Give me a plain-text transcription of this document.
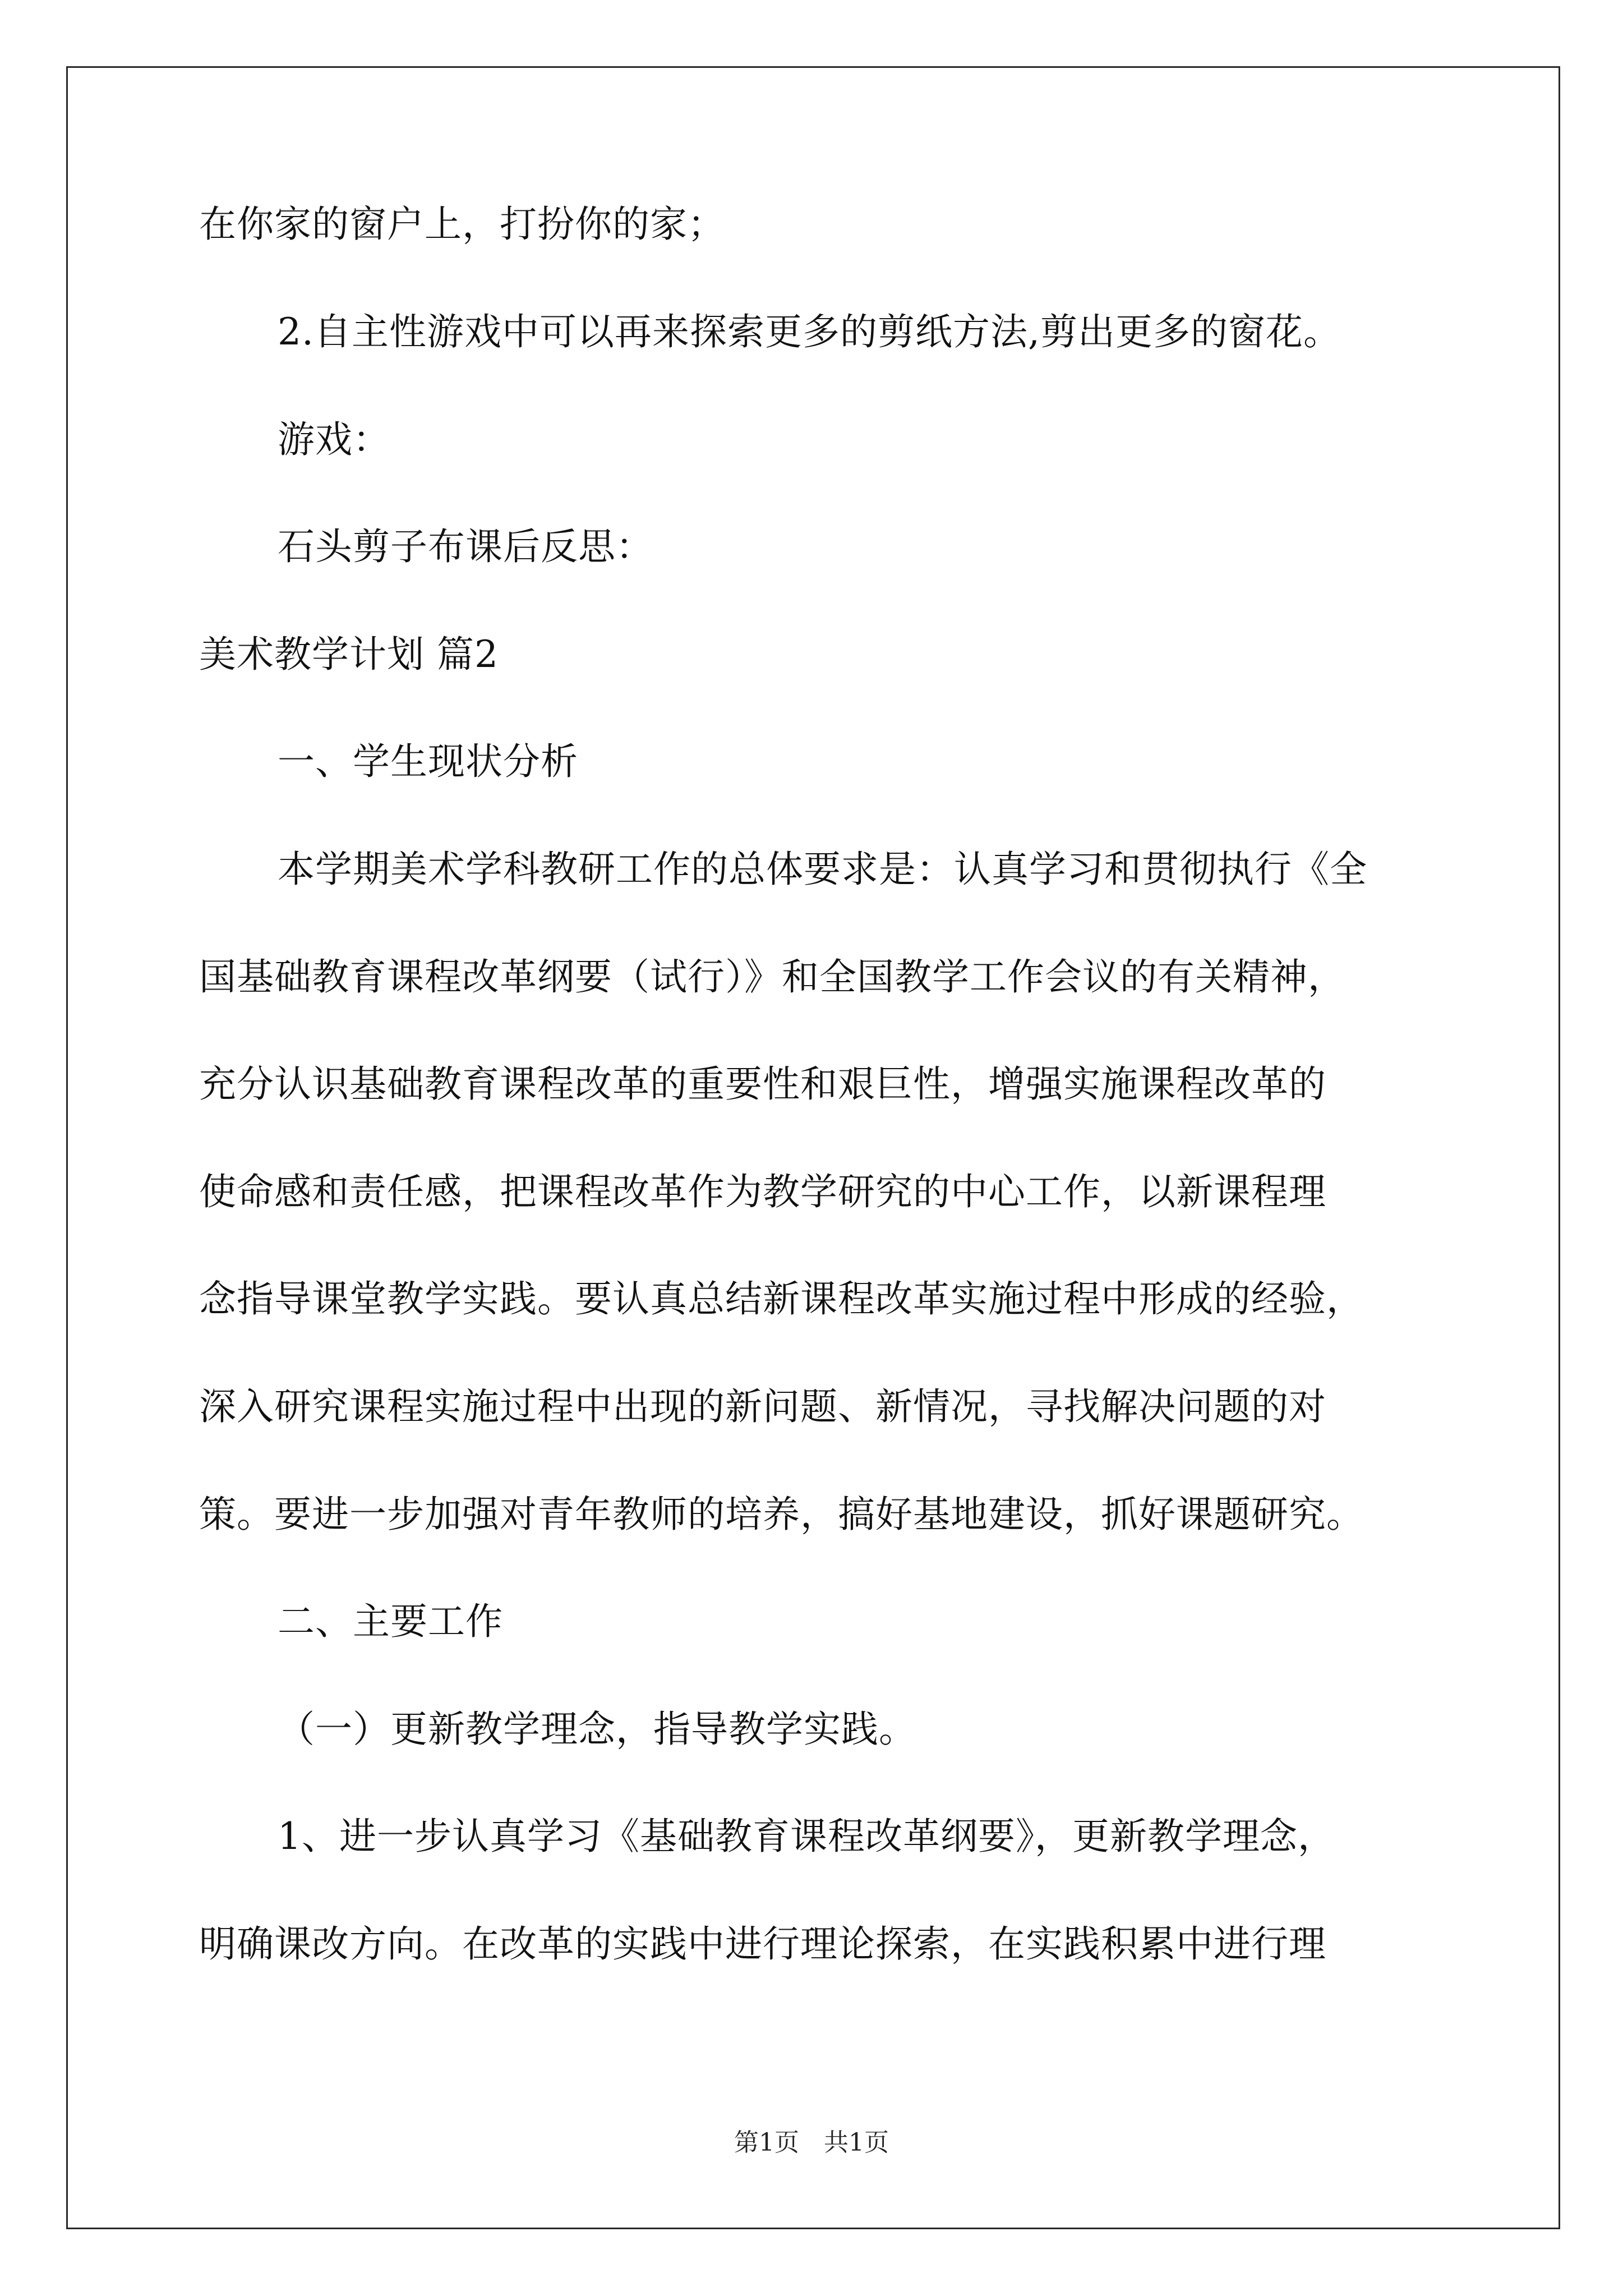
在你家的窗户上，打扮你的家；
2.自主性游戏中可以再来探索更多的剪纸方法,剪出更多的窗花。
游戏：
石头剪子布课后反思：
美术教学计划 篇2
一、学生现状分析
本学期美术学科教研工作的总体要求是：认真学习和贯彻执行《全
国基础教育课程改革纲要（试行）》和全国教学工作会议的有关精神，
充分认识基础教育课程改革的重要性和艰巨性，增强实施课程改革的
使命感和责任感，把课程改革作为教学研究的中心工作，以新课程理
念指导课堂教学实践。要认真总结新课程改革实施过程中形成的经验，
深入研究课程实施过程中出现的新问题、新情况，寻找解决问题的对
策。要进一步加强对青年教师的培养，搞好基地建设，抓好课题研究。
二、主要工作
（一）更新教学理念，指导教学实践。
1、进一步认真学习《基础教育课程改革纲要》，更新教学理念，
明确课改方向。在改革的实践中进行理论探索，在实践积累中进行理
第1页　共1页
